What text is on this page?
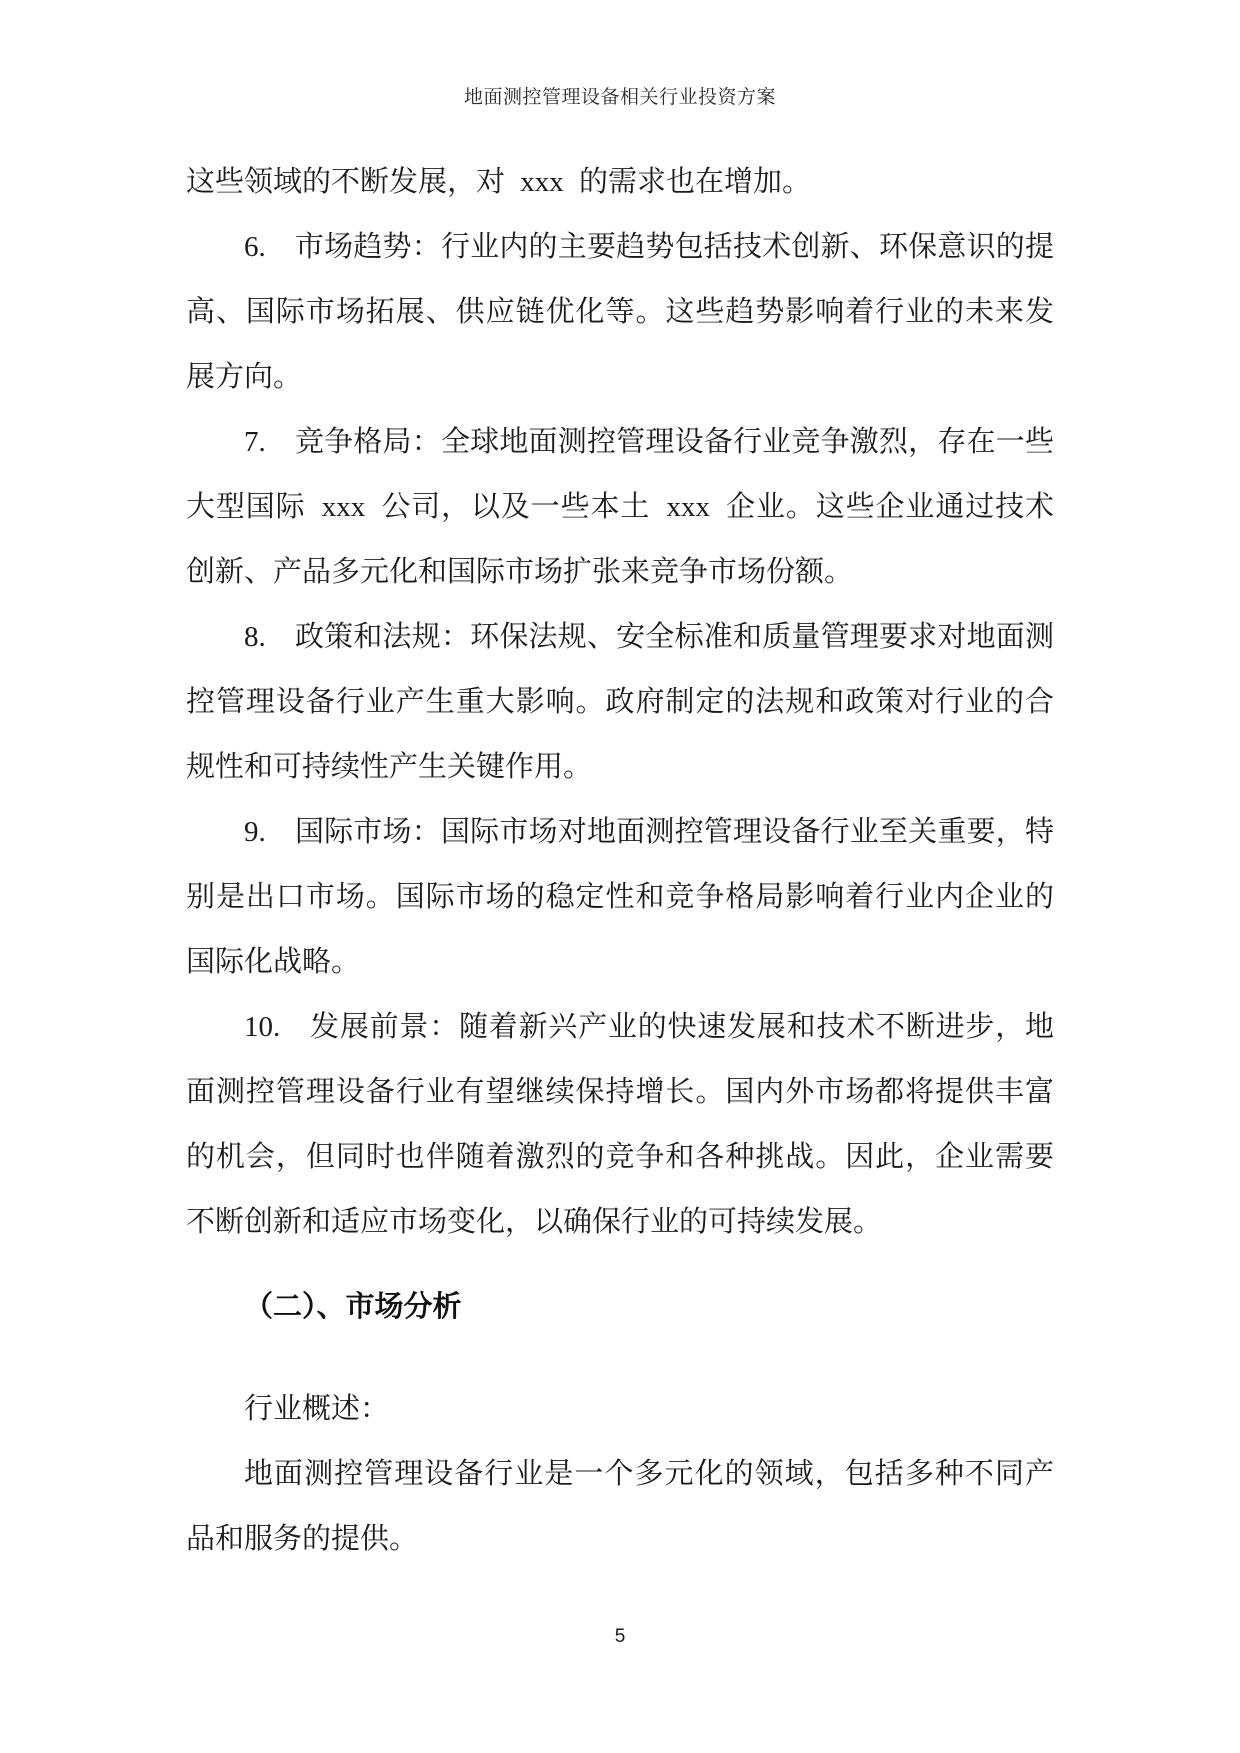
地面测控管理设备相关行业投资方案

这些领域的不断发展，对 xxx 的需求也在增加。

6. 市场趋势：行业内的主要趋势包括技术创新、环保意识的提高、国际市场拓展、供应链优化等。这些趋势影响着行业的未来发展方向。

7. 竞争格局：全球地面测控管理设备行业竞争激烈，存在一些大型国际 xxx 公司，以及一些本土 xxx 企业。这些企业通过技术创新、产品多元化和国际市场扩张来竞争市场份额。

8. 政策和法规：环保法规、安全标准和质量管理要求对地面测控管理设备行业产生重大影响。政府制定的法规和政策对行业的合规性和可持续性产生关键作用。

9. 国际市场：国际市场对地面测控管理设备行业至关重要，特别是出口市场。国际市场的稳定性和竞争格局影响着行业内企业的国际化战略。

10. 发展前景：随着新兴产业的快速发展和技术不断进步，地面测控管理设备行业有望继续保持增长。国内外市场都将提供丰富的机会，但同时也伴随着激烈的竞争和各种挑战。因此，企业需要不断创新和适应市场变化，以确保行业的可持续发展。

（二）、市场分析

行业概述：

地面测控管理设备行业是一个多元化的领域，包括多种不同产品和服务的提供。

5
